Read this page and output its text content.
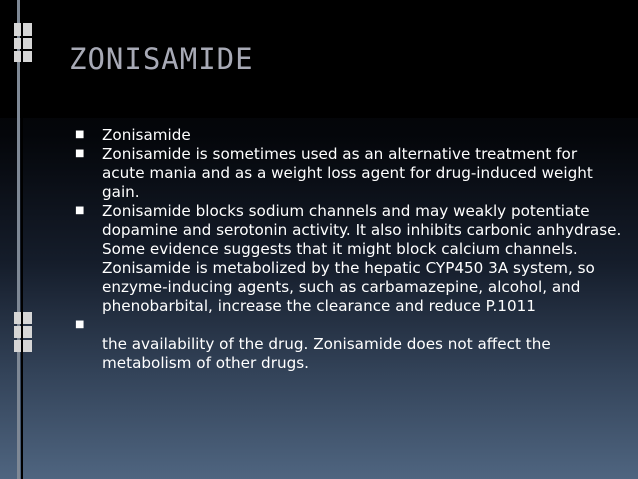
ZONISAMIDE
■ Zonisamide
■ Zonisamide is sometimes used as an alternative treatment for acute mania and as a weight loss agent for drug-induced weight gain.
■ Zonisamide blocks sodium channels and may weakly potentiate dopamine and serotonin activity. It also inhibits carbonic anhydrase. Some evidence suggests that it might block calcium channels. Zonisamide is metabolized by the hepatic CYP450 3A system, so enzyme-inducing agents, such as carbamazepine, alcohol, and phenobarbital, increase the clearance and reduce P.1011
■
the availability of the drug. Zonisamide does not affect the metabolism of other drugs.
